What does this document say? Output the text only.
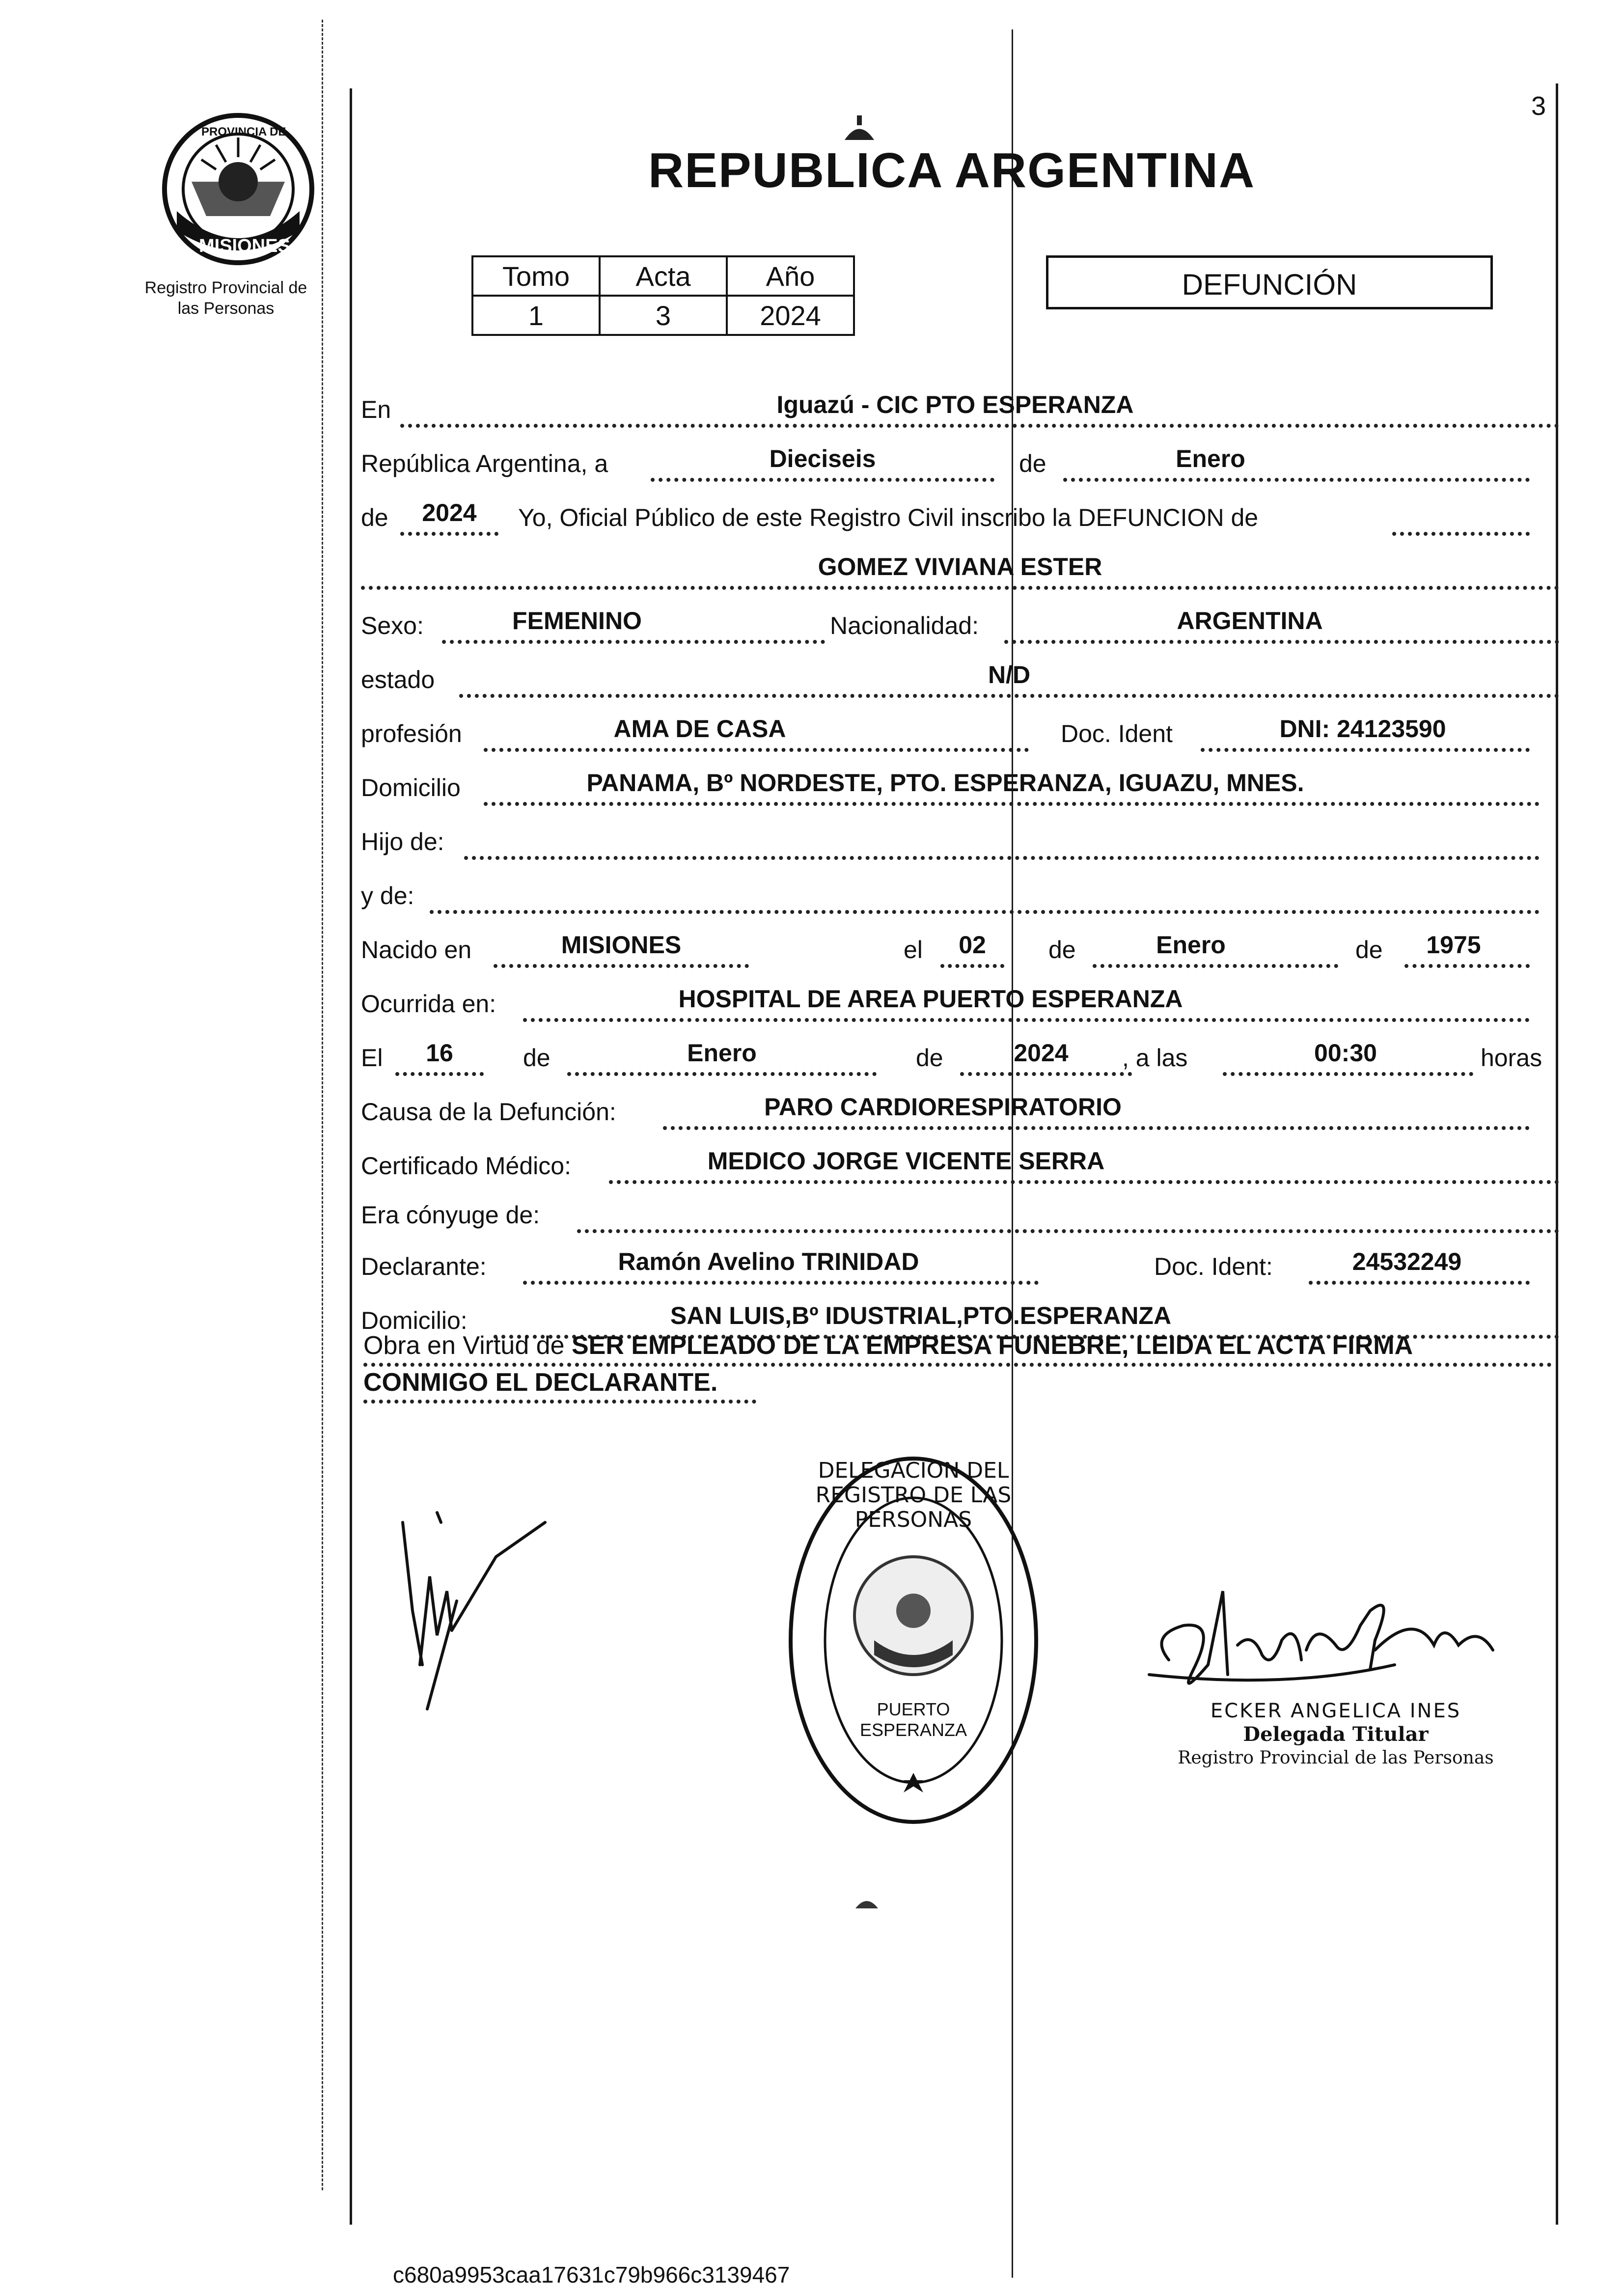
PROVINCIA DE
MISIONES
Registro Provincial de
las Personas
REPUBLICA ARGENTINA
3
Tomo	Acta	Año
1	3	2024
DEFUNCIÓN
En	Iguazú - CIC PTO ESPERANZA
República Argentina, a	Dieciseis	de	Enero
de	2024	Yo, Oficial Público de este Registro Civil inscribo la DEFUNCION de
GOMEZ VIVIANA ESTER
Sexo:	FEMENINO	Nacionalidad:	ARGENTINA
estado	N/D
profesión	AMA DE CASA	Doc. Ident	DNI: 24123590
Domicilio	PANAMA, Bº NORDESTE, PTO. ESPERANZA, IGUAZU, MNES.
Hijo de:
y de:
Nacido en	MISIONES	el	02	de	Enero	de	1975
Ocurrida en:	HOSPITAL DE AREA PUERTO ESPERANZA
El	16	de	Enero	de	2024	, a las	00:30	horas
Causa de la Defunción:	PARO CARDIORESPIRATORIO
Certificado Médico:	MEDICO JORGE VICENTE SERRA
Era cónyuge de:
Declarante:	Ramón Avelino TRINIDAD	Doc. Ident:	24532249
Domicilio:	SAN LUIS,Bº IDUSTRIAL,PTO.ESPERANZA
Obra en Virtud de SER EMPLEADO DE LA EMPRESA FUNEBRE, LEIDA EL ACTA FIRMA
CONMIGO EL DECLARANTE.
DELEGACION DEL REGISTRO DE LAS PERSONAS
PUERTO ESPERANZA
ECKER ANGELICA INES
Delegada Titular
Registro Provincial de las Personas
c680a9953caa17631c79b966c3139467
